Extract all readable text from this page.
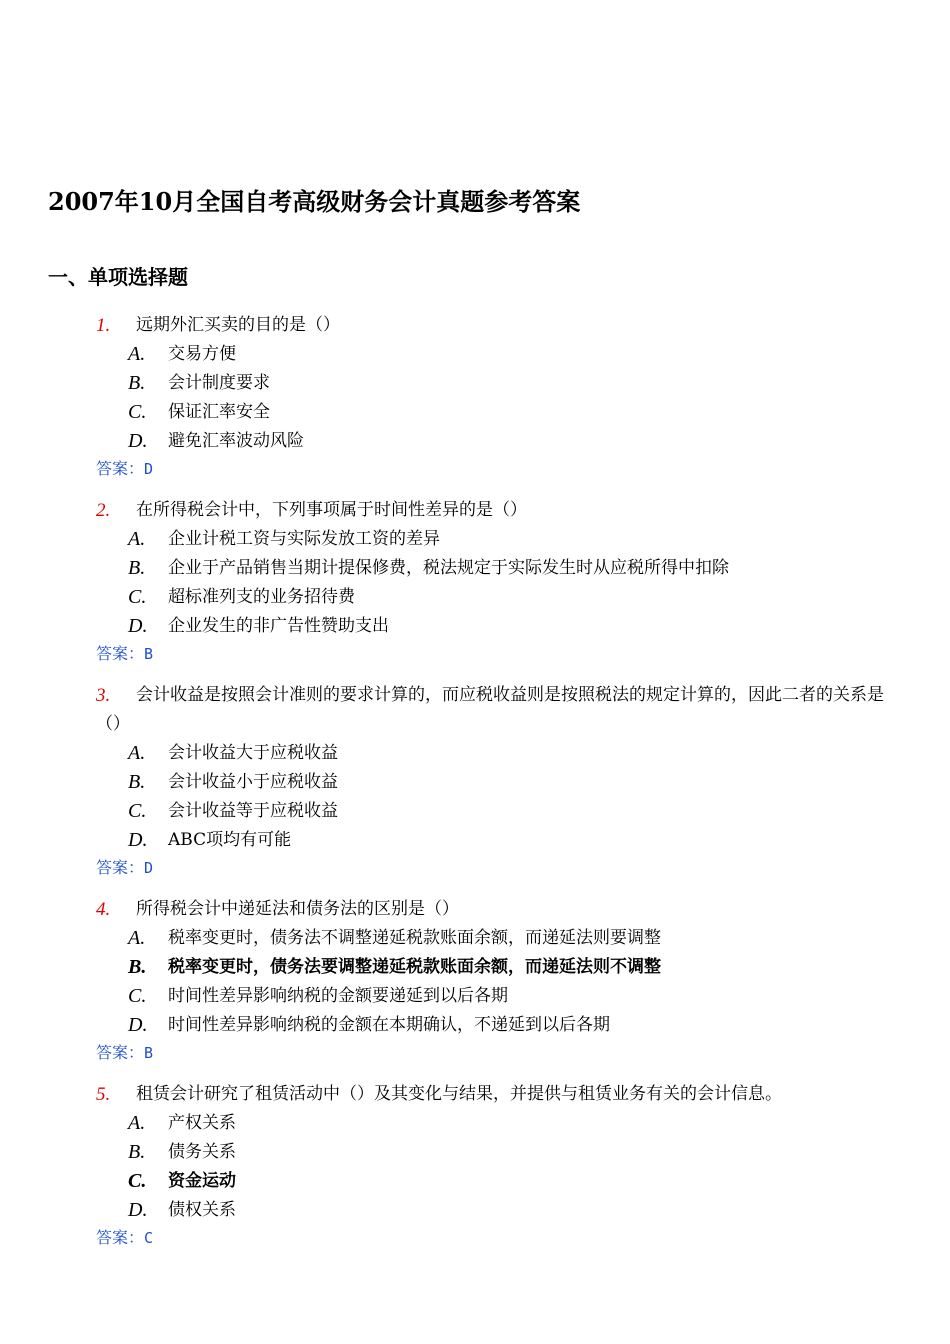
2007年10月全国自考高级财务会计真题参考答案
一、单项选择题
1.	远期外汇买卖的目的是（）
A. 交易方便
B. 会计制度要求
C. 保证汇率安全
D. 避免汇率波动风险
答案：D
2.	在所得税会计中，下列事项属于时间性差异的是（）
A. 企业计税工资与实际发放工资的差异
B. 企业于产品销售当期计提保修费，税法规定于实际发生时从应税所得中扣除
C. 超标准列支的业务招待费
D. 企业发生的非广告性赞助支出
答案：B
3.	会计收益是按照会计准则的要求计算的，而应税收益则是按照税法的规定计算的，因此二者的关系是（）
A. 会计收益大于应税收益
B. 会计收益小于应税收益
C. 会计收益等于应税收益
D. ABC项均有可能
答案：D
4.	所得税会计中递延法和债务法的区别是（）
A. 税率变更时，债务法不调整递延税款账面余额，而递延法则要调整
B. 税率变更时，债务法要调整递延税款账面余额，而递延法则不调整
C. 时间性差异影响纳税的金额要递延到以后各期
D. 时间性差异影响纳税的金额在本期确认，不递延到以后各期
答案：B
5.	租赁会计研究了租赁活动中（）及其变化与结果，并提供与租赁业务有关的会计信息。
A. 产权关系
B. 债务关系
C. 资金运动
D. 债权关系
答案：C
